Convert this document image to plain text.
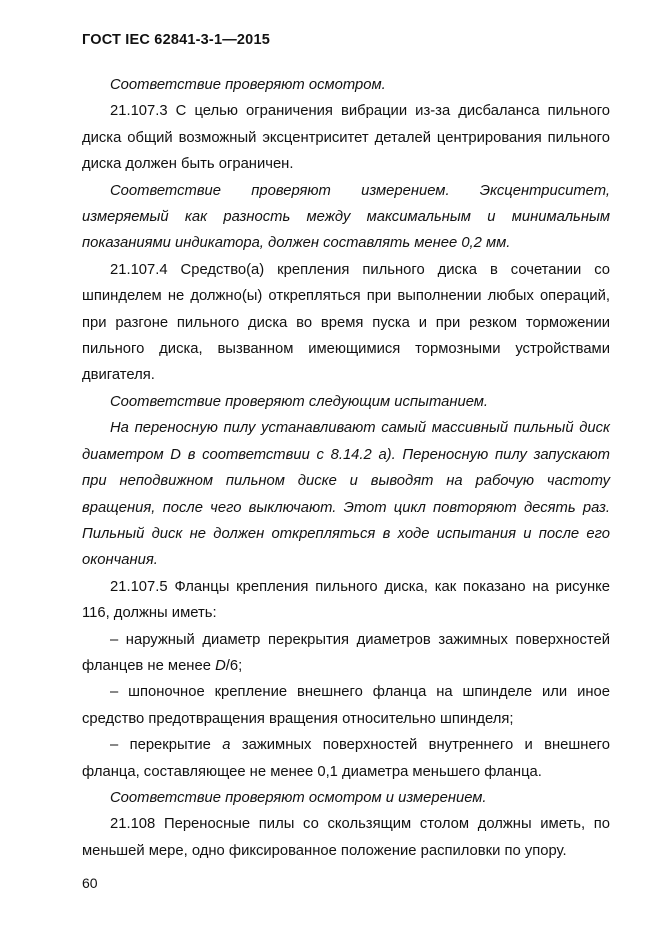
ГОСТ IEC 62841-3-1—2015

Соответствие проверяют осмотром.

21.107.3 С целью ограничения вибрации из-за дисбаланса пильного диска общий возможный эксцентриситет деталей центрирования пильного диска должен быть ограничен.

Соответствие проверяют измерением. Эксцентриситет, измеряемый как разность между максимальным и минимальным показаниями индикатора, должен составлять менее 0,2 мм.

21.107.4 Средство(а) крепления пильного диска в сочетании со шпинделем не должно(ы) открепляться при выполнении любых операций, при разгоне пильного диска во время пуска и при резком торможении пильного диска, вызванном имеющимися тормозными устройствами двигателя.

Соответствие проверяют следующим испытанием.

На переносную пилу устанавливают самый массивный пильный диск диаметром D в соответствии с 8.14.2 а). Переносную пилу запускают при неподвижном пильном диске и выводят на рабочую частоту вращения, после чего выключают. Этот цикл повторяют десять раз. Пильный диск не должен открепляться в ходе испытания и после его окончания.

21.107.5 Фланцы крепления пильного диска, как показано на рисунке 116, должны иметь:

– наружный диаметр перекрытия диаметров зажимных поверхностей фланцев не менее D/6;

– шпоночное крепление внешнего фланца на шпинделе или иное средство предотвращения вращения относительно шпинделя;

– перекрытие а зажимных поверхностей внутреннего и внешнего фланца, составляющее не менее 0,1 диаметра меньшего фланца.

Соответствие проверяют осмотром и измерением.

21.108 Переносные пилы со скользящим столом должны иметь, по меньшей мере, одно фиксированное положение распиловки по упору.

60
